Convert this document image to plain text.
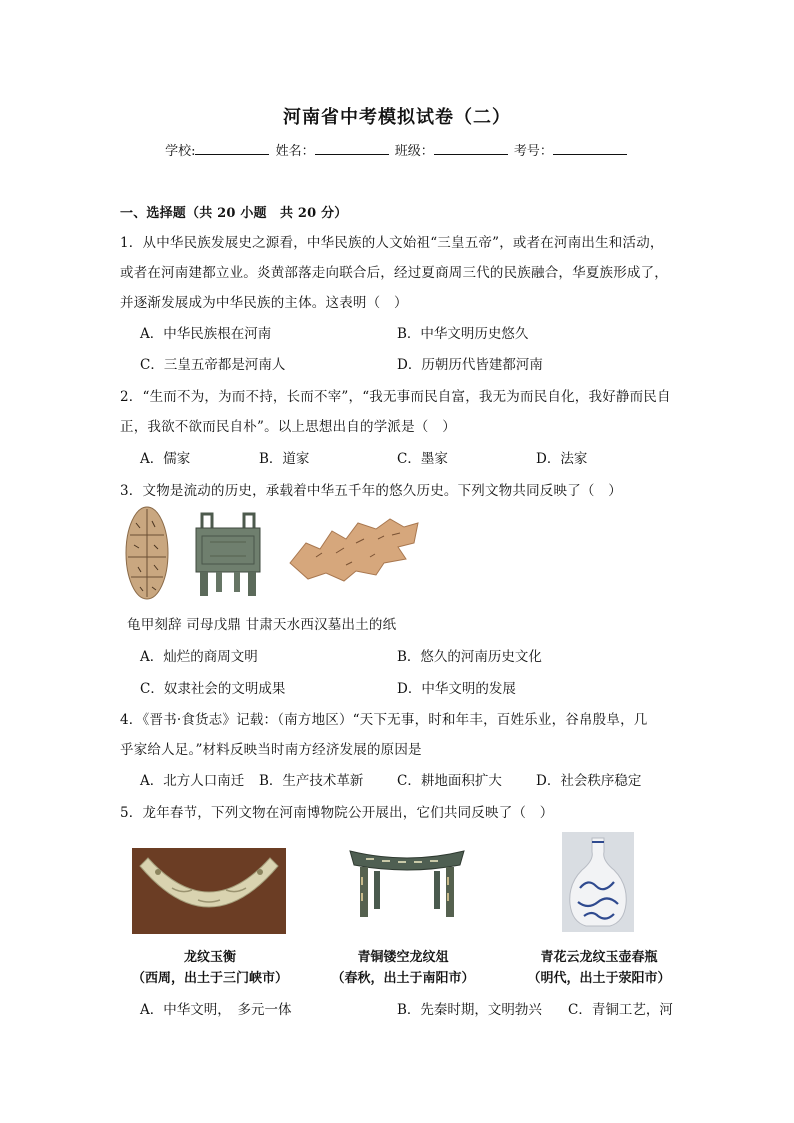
河南省中考模拟试卷（二）
学校:	姓名：	班级：	考号：
一、选择题（共 20 小题　共 20 分）
1．从中华民族发展史之源看，中华民族的人文始祖“三皇五帝”，或者在河南出生和活动，
或者在河南建都立业。炎黄部落走向联合后，经过夏商周三代的民族融合，华夏族形成了，
并逐渐发展成为中华民族的主体。这表明（　）
A．中华民族根在河南	B．中华文明历史悠久
C．三皇五帝都是河南人	D．历朝历代皆建都河南
2．“生而不为，为而不持，长而不宰”，“我无事而民自富，我无为而民自化，我好静而民自
正，我欲不欲而民自朴”。以上思想出自的学派是（　）
A．儒家	B．道家	C．墨家	D．法家
3．文物是流动的历史，承载着中华五千年的悠久历史。下列文物共同反映了（　）
龟甲刻辞 司母戊鼎 甘肃天水西汉墓出土的纸
A．灿烂的商周文明	B．悠久的河南历史文化
C．奴隶社会的文明成果	D．中华文明的发展
4．《晋书·食货志》记载：（南方地区）“天下无事，时和年丰，百姓乐业，谷帛殷阜，几
乎家给人足。”材料反映当时南方经济发展的原因是
A．北方人口南迁 B．生产技术革新 C．耕地面积扩大	D．社会秩序稳定
5．龙年春节，下列文物在河南博物院公开展出，它们共同反映了（　）
龙纹玉衡
（西周，出土于三门峡市）
青铜镂空龙纹俎
（春秋，出土于南阳市）
青花云龙纹玉壶春瓶
（明代，出土于荥阳市）
A．中华文明，　多元一体	B．先秦时期，文明勃兴 C．青铜工艺，河
